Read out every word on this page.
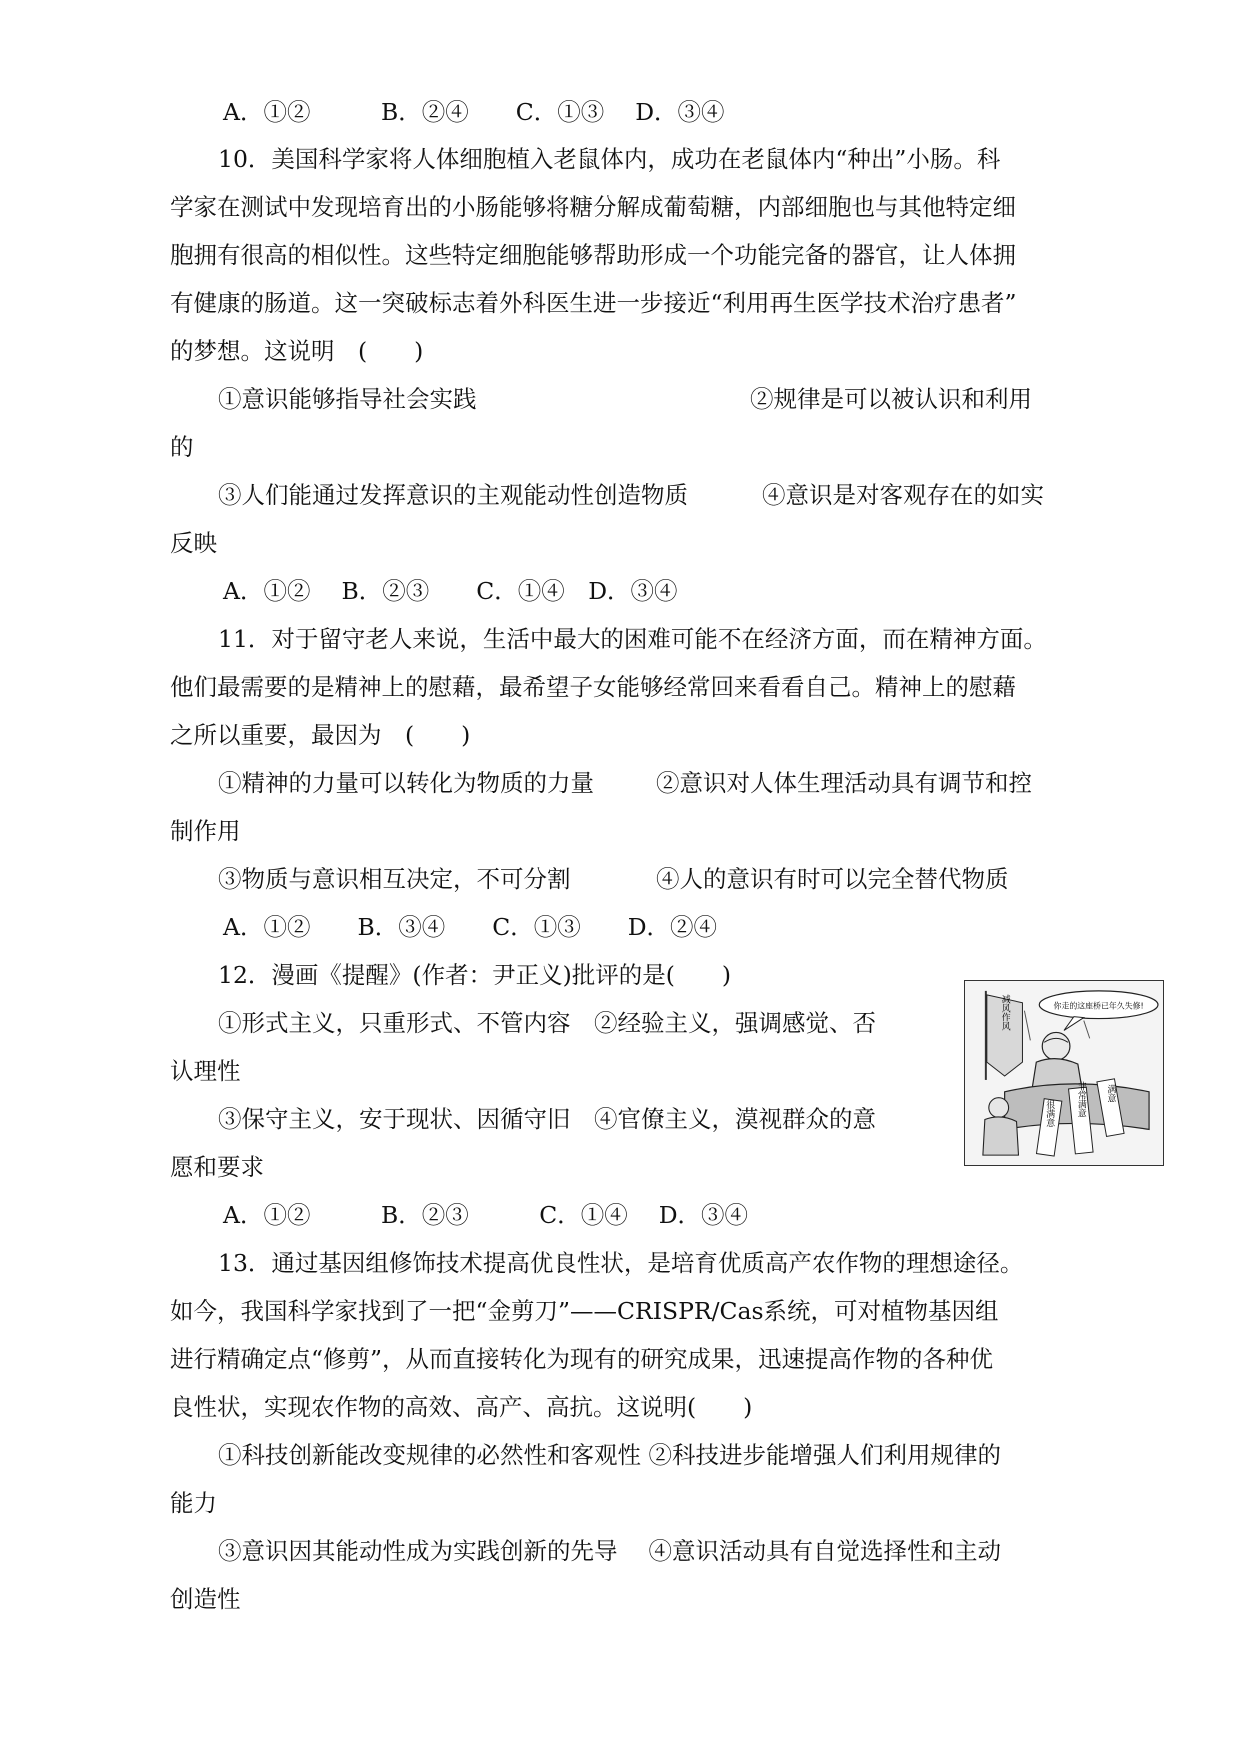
A．①②　　　B．②④　　C．①③　 D．③④
10．美国科学家将人体细胞植入老鼠体内，成功在老鼠体内“种出”小肠。科
学家在测试中发现培育出的小肠能够将糖分解成葡萄糖，内部细胞也与其他特定细
胞拥有很高的相似性。这些特定细胞能够帮助形成一个功能完备的器官，让人体拥
有健康的肠道。这一突破标志着外科医生进一步接近“利用再生医学技术治疗患者”
的梦想。这说明　(　　)
①意识能够指导社会实践	②规律是可以被认识和利用
的
③人们能通过发挥意识的主观能动性创造物质	④意识是对客观存在的如实
反映
A．①②　 B．②③　　C．①④　D．③④
11．对于留守老人来说，生活中最大的困难可能不在经济方面，而在精神方面。
他们最需要的是精神上的慰藉，最希望子女能够经常回来看看自己。精神上的慰藉
之所以重要，最因为　(　　)
①精神的力量可以转化为物质的力量	②意识对人体生理活动具有调节和控
制作用
③物质与意识相互决定，不可分割	④人的意识有时可以完全替代物质
A．①②　　B．③④　　C．①③　　D．②④
12．漫画《提醒》(作者：尹正义)批评的是(　　)
①形式主义，只重形式、不管内容　②经验主义，强调感觉、否
认理性
③保守主义，安于现状、因循守旧　④官僚主义，漠视群众的意
愿和要求
A．①②　　　B．②③　　　C．①④　 D．③④
你走的这座桥已年久失修!
减风作风
非常满意 满意
很满意
13．通过基因组修饰技术提高优良性状，是培育优质高产农作物的理想途径。
如今，我国科学家找到了一把“金剪刀”——CRISPR/Cas系统，可对植物基因组
进行精确定点“修剪”，从而直接转化为现有的研究成果，迅速提高作物的各种优
良性状，实现农作物的高效、高产、高抗。这说明(　　)
①科技创新能改变规律的必然性和客观性 ②科技进步能增强人们利用规律的
能力
③意识因其能动性成为实践创新的先导　 ④意识活动具有自觉选择性和主动
创造性
